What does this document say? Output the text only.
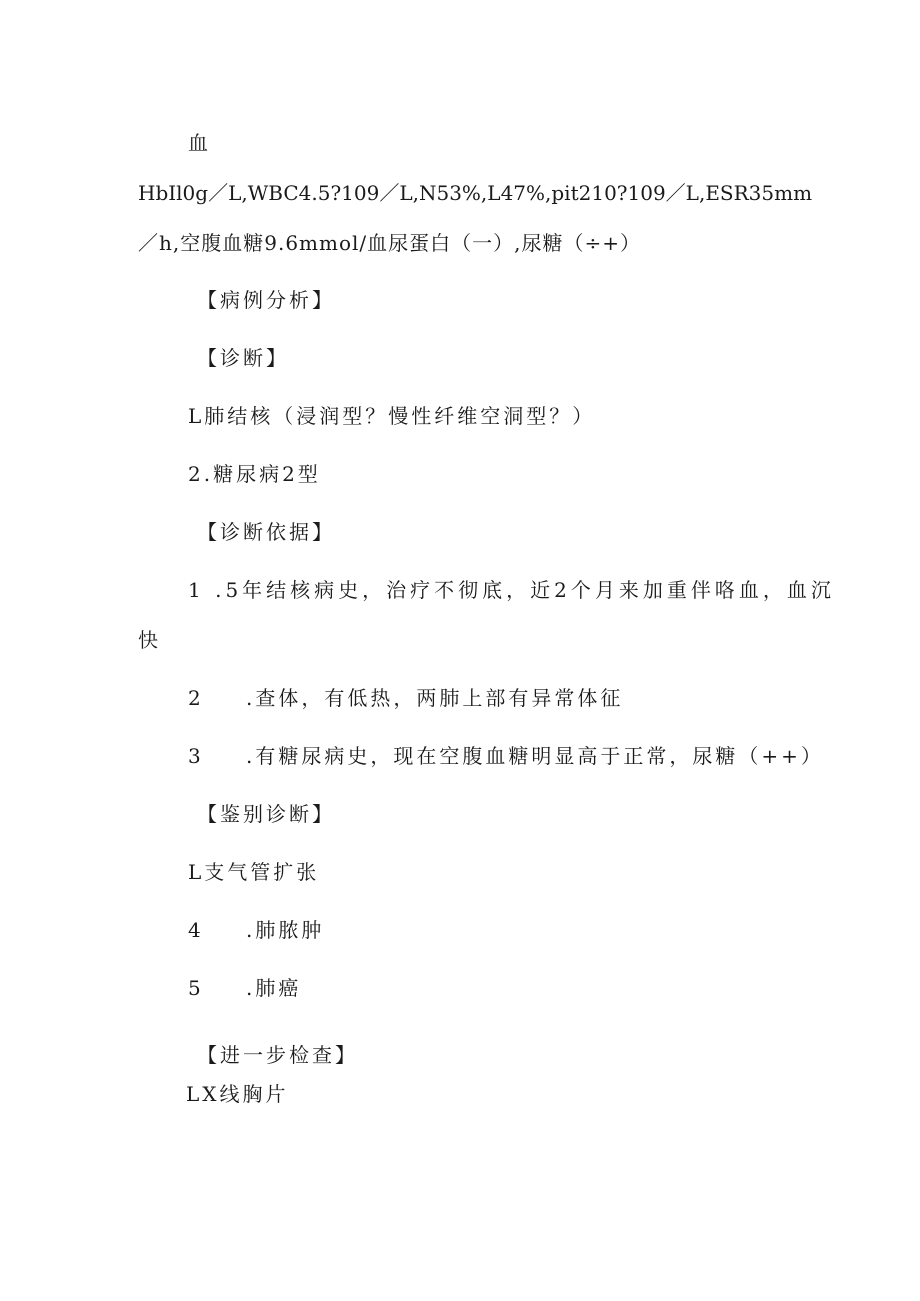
血
HbIl0g／L,WBC4.5?109／L,N53%,L47%,pit210?109／L,ESR35mm
／h,空腹血糖9.6mmol/血尿蛋白（一）,尿糖（÷+）
【病例分析】
【诊断】
L肺结核（浸润型？慢性纤维空洞型？）
2.糖尿病2型
【诊断依据】
1 .5年结核病史，治疗不彻底，近2个月来加重伴咯血，血沉
快
2 .查体，有低热，两肺上部有异常体征
3 .有糖尿病史，现在空腹血糖明显高于正常，尿糖（++）
【鉴别诊断】
L支气管扩张
4 .肺脓肿
5 .肺癌
【进一步检查】
LX线胸片
